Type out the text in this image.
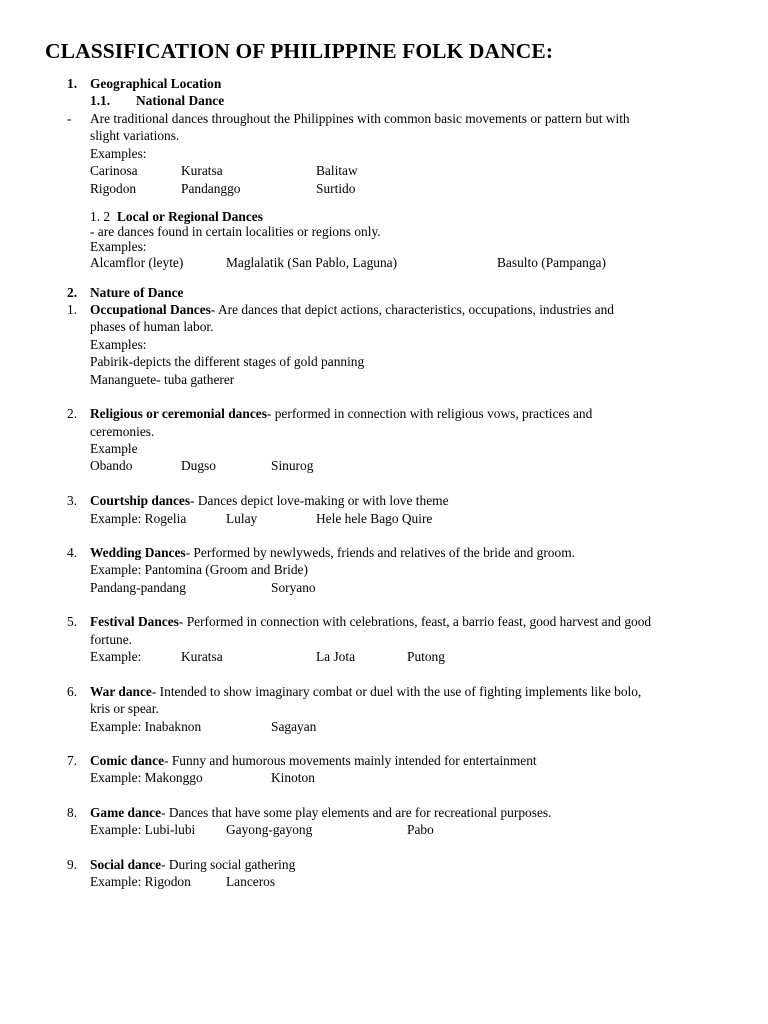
CLASSIFICATION OF PHILIPPINE FOLK DANCE:
1. Geographical Location
1.1. National Dance
- Are traditional dances throughout the Philippines with common basic movements or pattern but with
slight variations.
Examples:
Carinosa	Kuratsa	Balitaw
Rigodon	Pandanggo	Surtido
1. 2 Local or Regional Dances
- are dances found in certain localities or regions only.
Examples:
Alcamflor (leyte)	Maglalatik (San Pablo, Laguna)	Basulto (Pampanga)
2. Nature of Dance
1. Occupational Dances- Are dances that depict actions, characteristics, occupations, industries and
phases of human labor.
Examples:
Pabirik-depicts the different stages of gold panning
Mananguete- tuba gatherer
2. Religious or ceremonial dances- performed in connection with religious vows, practices and
ceremonies.
Example
Obando	Dugso	Sinurog
3. Courtship dances- Dances depict love-making or with love theme
Example: Rogelia	Lulay	Hele hele Bago Quire
4. Wedding Dances- Performed by newlyweds, friends and relatives of the bride and groom.
Example: Pantomina (Groom and Bride)
Pandang-pandang	Soryano
5. Festival Dances- Performed in connection with celebrations, feast, a barrio feast, good harvest and good
fortune.
Example:	Kuratsa	La Jota	Putong
6. War dance- Intended to show imaginary combat or duel with the use of fighting implements like bolo,
kris or spear.
Example: Inabaknon	Sagayan
7. Comic dance- Funny and humorous movements mainly intended for entertainment
Example: Makonggo	Kinoton
8. Game dance- Dances that have some play elements and are for recreational purposes.
Example: Lubi-lubi Gayong-gayong	Pabo
9. Social dance- During social gathering
Example: Rigodon	Lanceros
